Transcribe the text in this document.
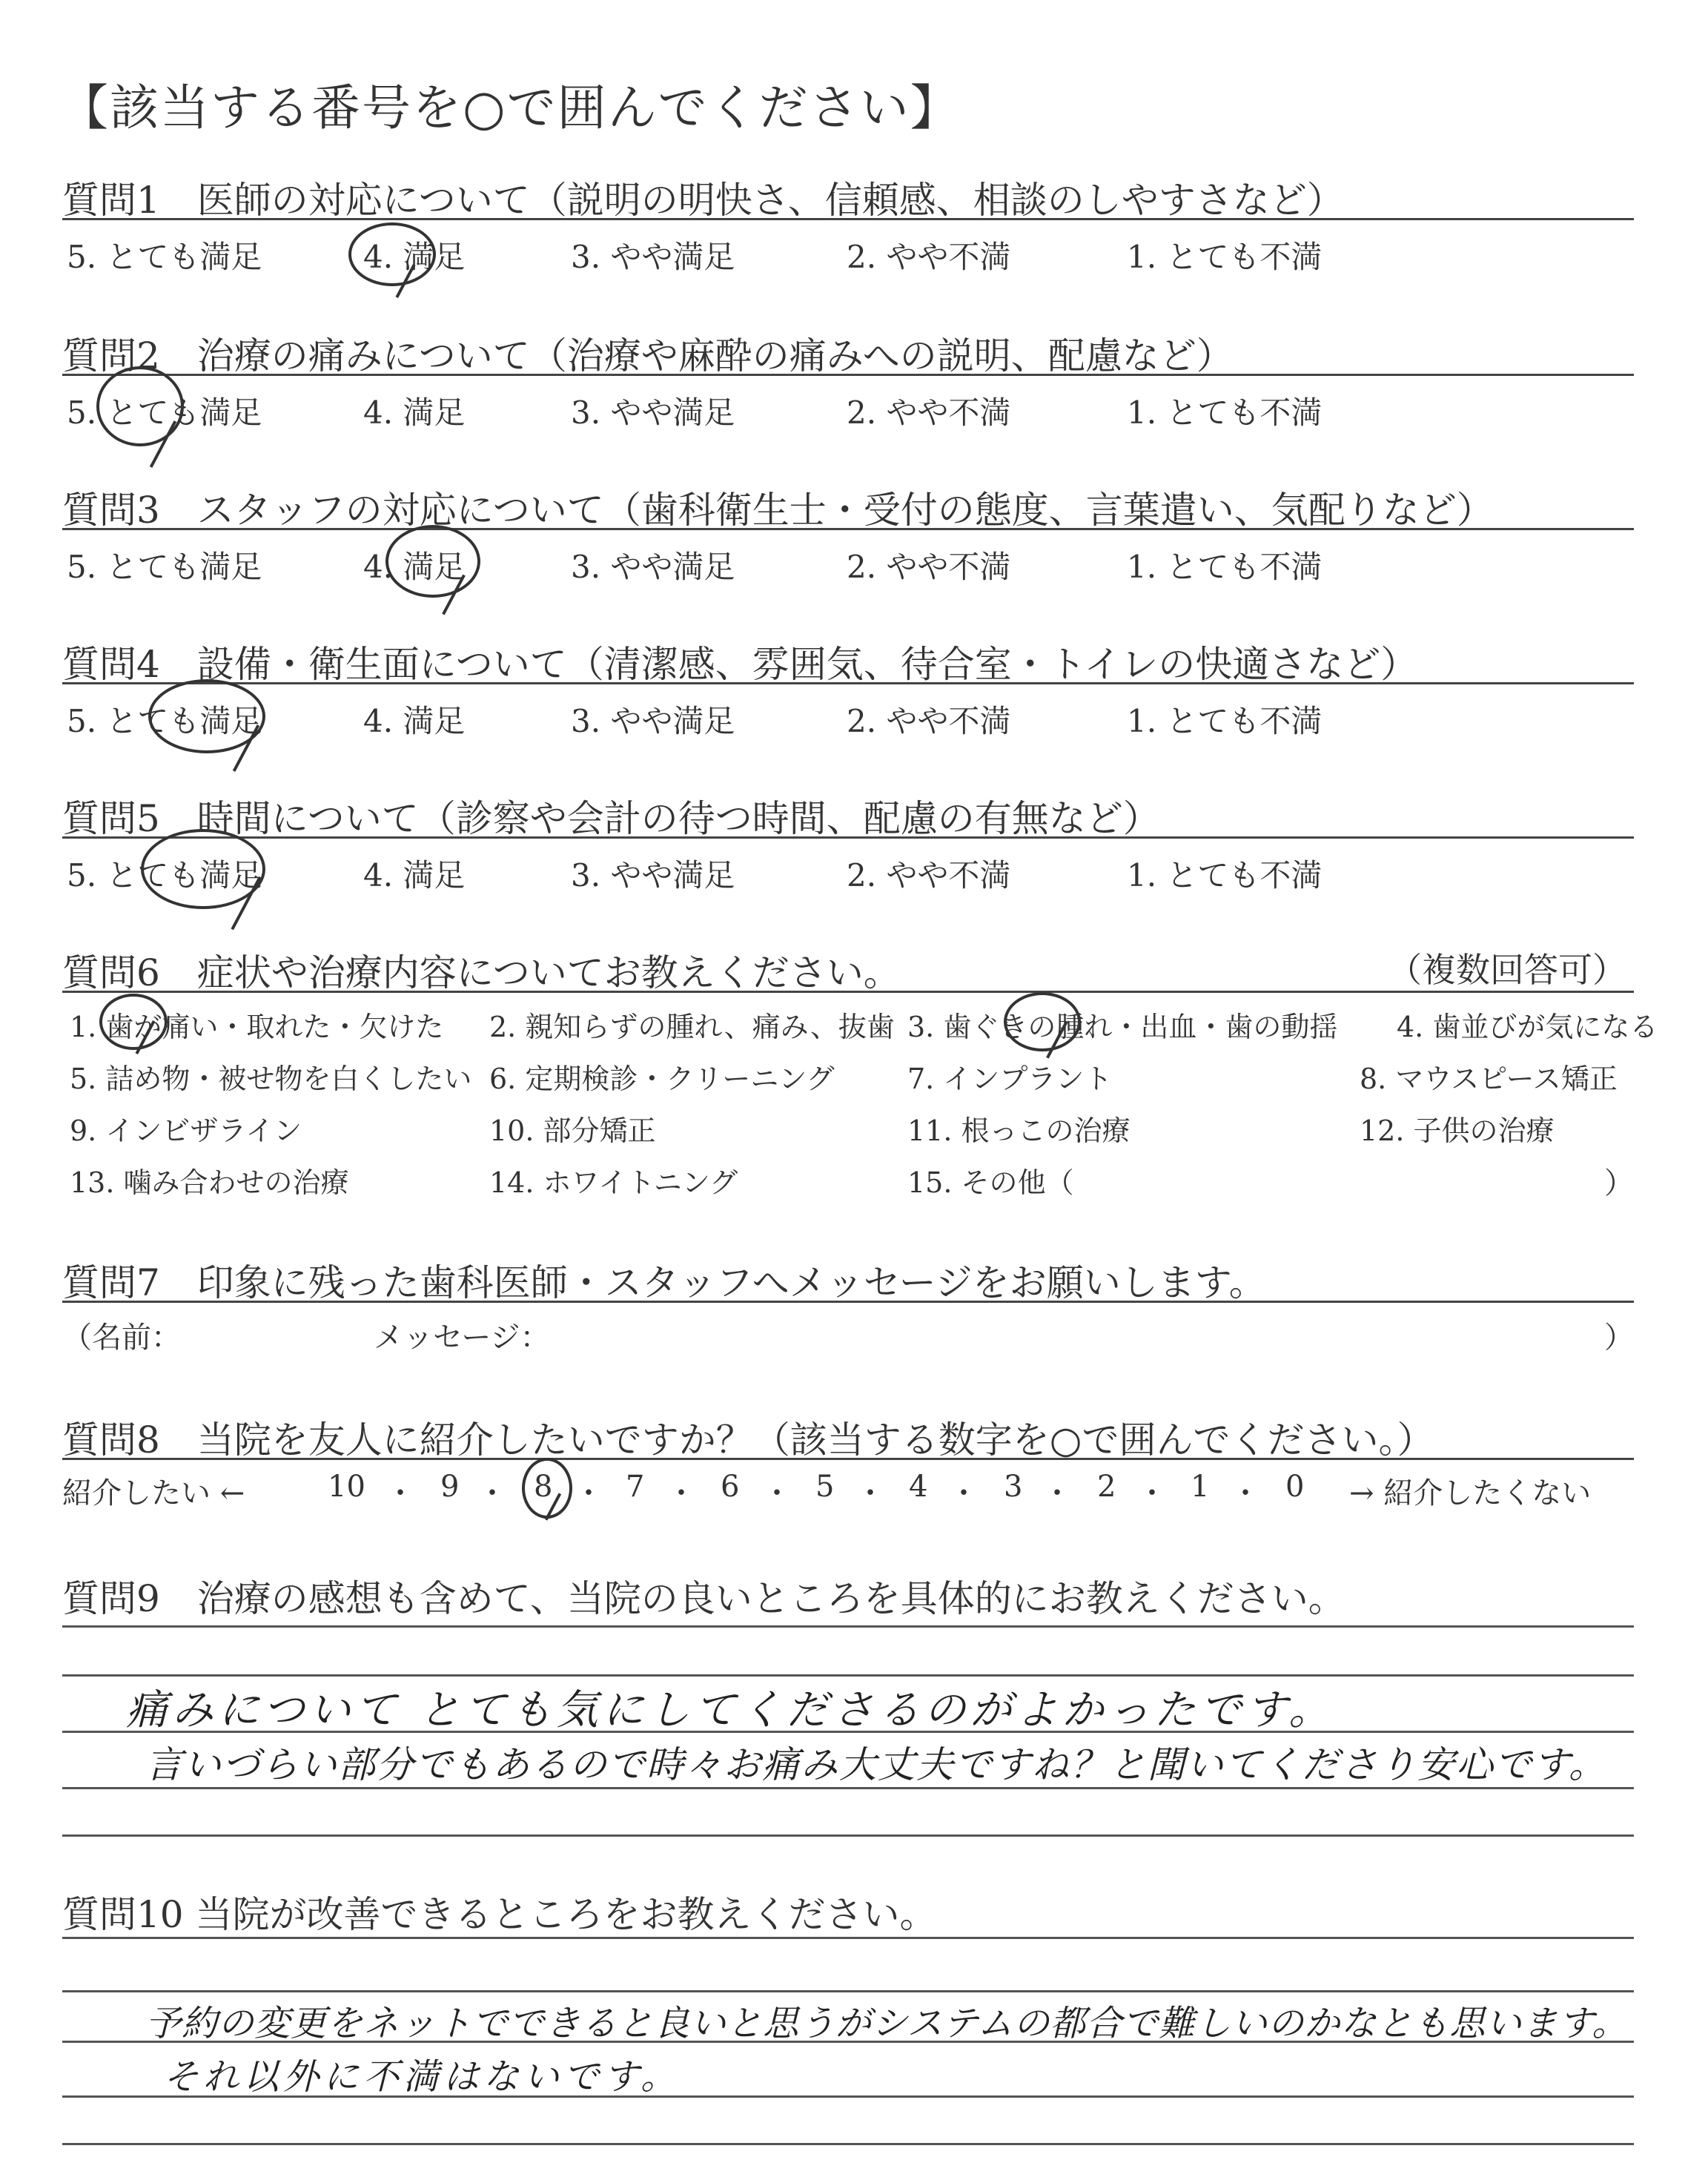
【該当する番号を○で囲んでください】
質問1　医師の対応について（説明の明快さ、信頼感、相談のしやすさなど）
5. とても満足	4. 満足	3. やや満足	2. やや不満	1. とても不満
質問2　治療の痛みについて（治療や麻酔の痛みへの説明、配慮など）
5. とても満足	4. 満足	3. やや満足	2. やや不満	1. とても不満
質問3　スタッフの対応について（歯科衛生士・受付の態度、言葉遣い、気配りなど）
5. とても満足	4. 満足	3. やや満足	2. やや不満	1. とても不満
質問4　設備・衛生面について（清潔感、雰囲気、待合室・トイレの快適さなど）
5. とても満足	4. 満足	3. やや満足	2. やや不満	1. とても不満
質問5　時間について（診察や会計の待つ時間、配慮の有無など）
5. とても満足	4. 満足	3. やや満足	2. やや不満	1. とても不満
質問6　症状や治療内容についてお教えください。	（複数回答可）
1. 歯が痛い・取れた・欠けた 2. 親知らずの腫れ、痛み、抜歯 3. 歯ぐきの腫れ・出血・歯の動揺 4. 歯並びが気になる
5. 詰め物・被せ物を白くしたい 6. 定期検診・クリーニング	7. インプラント	8. マウスピース矯正
9. インビザライン	10. 部分矯正	11. 根っこの治療	12. 子供の治療
13. 噛み合わせの治療	14. ホワイトニング	15. その他（	）
質問7　印象に残った歯科医師・スタッフへメッセージをお願いします。
（名前：	メッセージ：	）
質問8　当院を友人に紹介したいですか？（該当する数字を○で囲んでください。）
紹介したい ←	10 ・ 9 ・ 8 ・ 7 ・ 6 ・ 5 ・ 4 ・ 3 ・ 2 ・ 1 ・ 0 → 紹介したくない
質問9　治療の感想も含めて、当院の良いところを具体的にお教えください。
痛みについて とても気にしてくださるのがよかったです。
言いづらい部分でもあるので時々お痛み大丈夫ですね？と聞いてくださり安心です。
質問10 当院が改善できるところをお教えください。
予約の変更をネットでできると良いと思うがシステムの都合で難しいのかなとも思います。
それ以外に不満はないです。
